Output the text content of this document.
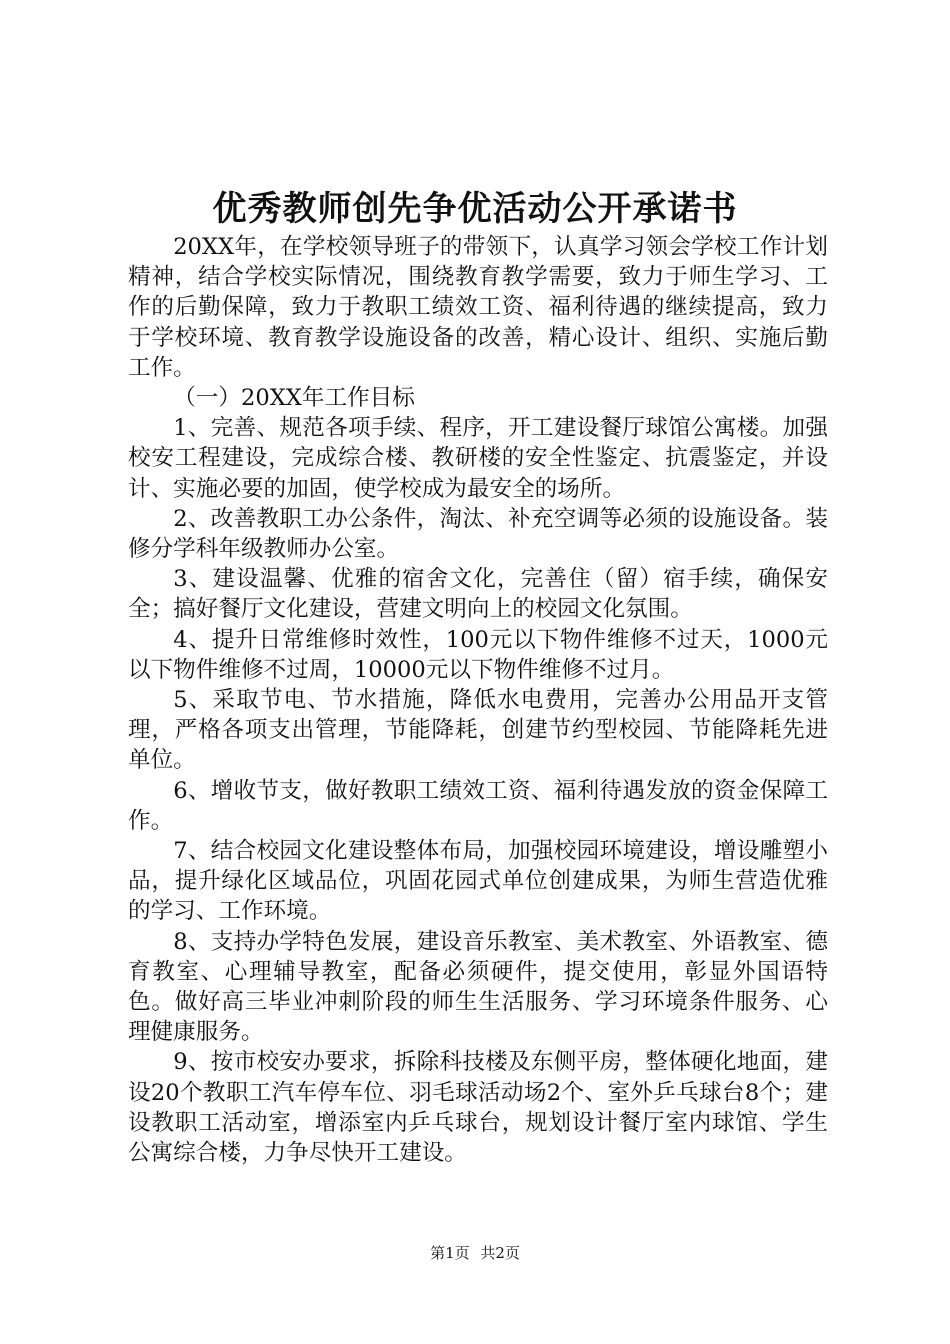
优秀教师创先争优活动公开承诺书

20XX年，在学校领导班子的带领下，认真学习领会学校工作计划精神，结合学校实际情况，围绕教育教学需要，致力于师生学习、工作的后勤保障，致力于教职工绩效工资、福利待遇的继续提高，致力于学校环境、教育教学设施设备的改善，精心设计、组织、实施后勤工作。

（一）20XX年工作目标

1、完善、规范各项手续、程序，开工建设餐厅球馆公寓楼。加强校安工程建设，完成综合楼、教研楼的安全性鉴定、抗震鉴定，并设计、实施必要的加固，使学校成为最安全的场所。

2、改善教职工办公条件，淘汰、补充空调等必须的设施设备。装修分学科年级教师办公室。

3、建设温馨、优雅的宿舍文化，完善住（留）宿手续，确保安全；搞好餐厅文化建设，营建文明向上的校园文化氛围。

4、提升日常维修时效性，100元以下物件维修不过天，1000元以下物件维修不过周，10000元以下物件维修不过月。

5、采取节电、节水措施，降低水电费用，完善办公用品开支管理，严格各项支出管理，节能降耗，创建节约型校园、节能降耗先进单位。

6、增收节支，做好教职工绩效工资、福利待遇发放的资金保障工作。

7、结合校园文化建设整体布局，加强校园环境建设，增设雕塑小品，提升绿化区域品位，巩固花园式单位创建成果，为师生营造优雅的学习、工作环境。

8、支持办学特色发展，建设音乐教室、美术教室、外语教室、德育教室、心理辅导教室，配备必须硬件，提交使用，彰显外国语特色。做好高三毕业冲刺阶段的师生生活服务、学习环境条件服务、心理健康服务。

9、按市校安办要求，拆除科技楼及东侧平房，整体硬化地面，建设20个教职工汽车停车位、羽毛球活动场2个、室外乒乓球台8个；建设教职工活动室，增添室内乒乓球台，规划设计餐厅室内球馆、学生公寓综合楼，力争尽快开工建设。

第1页 共2页
